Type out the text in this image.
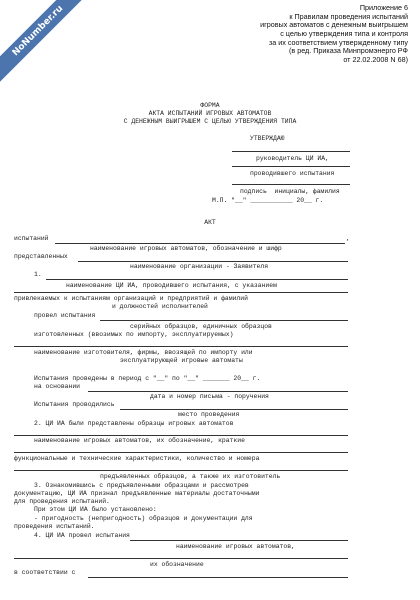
NoNumber.ru	Приложение 6
к Правилам проведения испытаний
игровых автоматов с денежным выигрышем
с целью утверждения типа и контроля
за их соответствием утвержденному типу
(в ред. Приказа Минпромэнерго РФ
от 22.02.2008 N 68)
ФОРМА
АКТА ИСПЫТАНИЙ ИГРОВЫХ АВТОМАТОВ
С ДЕНЕЖНЫМ ВЫИГРЫШЕМ С ЦЕЛЬЮ УТВЕРЖДЕНИЯ ТИПА
УТВЕРЖДАЮ
руководитель ЦИ ИА,
проводившего испытания
подпись  инициалы, фамилия
М.П. "__" ___________ 20__ г.
АКТ
испытаний	,
наименование игровых автоматов, обозначение и шифр
представленных
наименование организации - Заявителя
1.
наименование ЦИ ИА, проводившего испытания, с указанием
привлекаемых к испытаниям организаций и предприятий и фамилий
и должностей исполнителей
провел испытания
серийных образцов, единичных образцов
изготовленных (ввозимых по импорту, эксплуатируемых)
наименование изготовителя, фирмы, ввозящей по импорту или
эксплуатирующей игровые автоматы
Испытания проведены в период с "__" по "__" _______ 20__ г.
на основании
дата и номер письма - поручения
Испытания проводились
место проведения
2. ЦИ ИА были представлены образцы игровых автоматов
наименование игровых автоматов, их обозначение, краткие
функциональные и технические характеристики, количество и номера
предъявленных образцов, а также их изготовитель
3. Ознакомившись с предъявленными образцами и рассмотрев
документацию, ЦИ ИА признал предъявленные материалы достаточными
для проведения испытаний.
При этом ЦИ ИА было установлено:
- пригодность (непригодность) образцов и документации для
проведения испытаний.
4. ЦИ ИА провел испытания
наименование игровых автоматов,
их обозначение
в соответствии с
